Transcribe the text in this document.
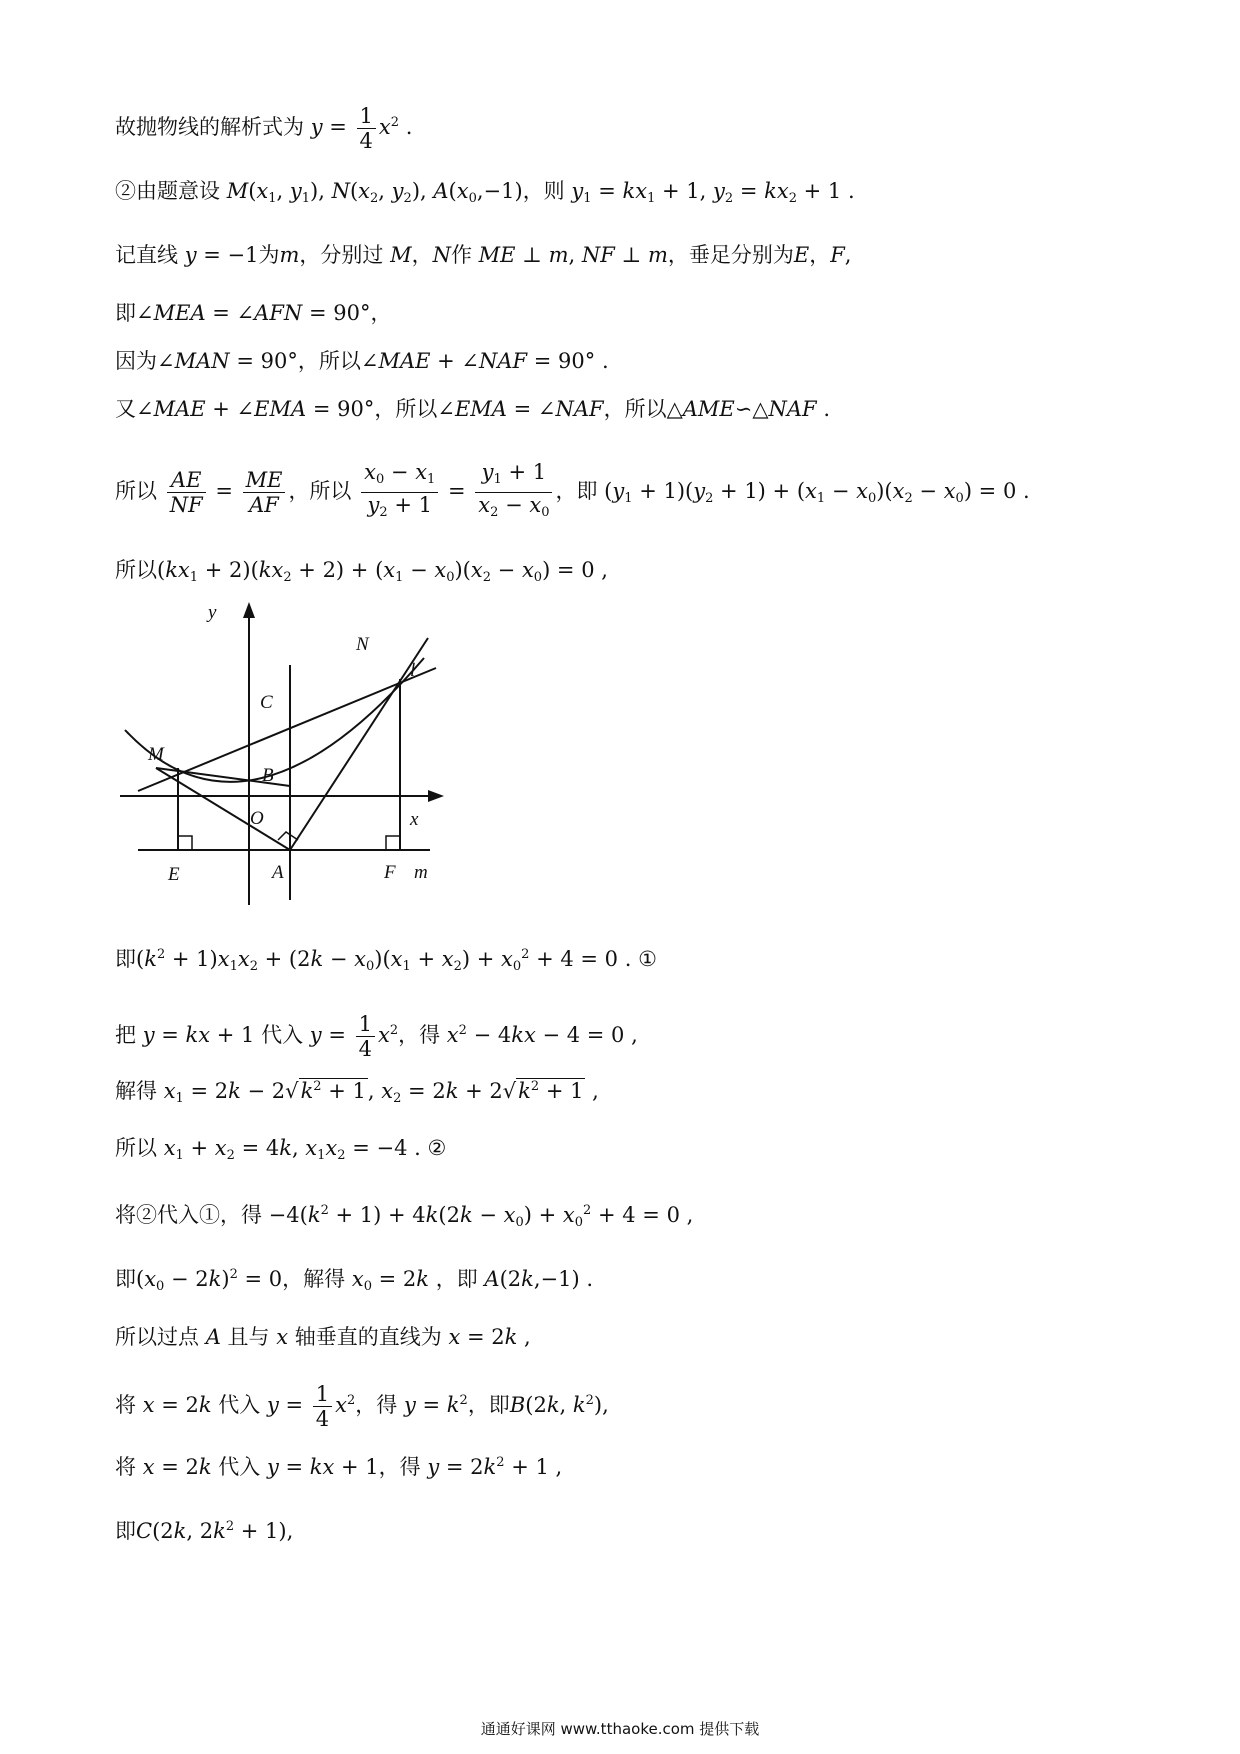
故抛物线的解析式为 $y = \frac{1}{4} x^2$ .
②由题意设 $M(x_1$, $y_1$), $N(x_2$, $y_2$), $A(x_0,-1)$，则 $y_1 = kx_1 + 1$, $y_2 = kx_2 + 1$ .
记直线 y = −1为m，分别过 M，N作 ME ⊥ m, NF ⊥ m，垂足分别为E，F,
即∠MEA = ∠AFN = 90°，
因为∠MAN = 90°，所以∠MAE + ∠NAF = 90° .
又∠MAE + ∠EMA = 90°，所以∠EMA = ∠NAF，所以△AME∽△NAF .
所以 $\frac{AE}{NF} = \frac{ME}{AF}$ ，所以 $\frac{x_0 - x_1}{y_2 + 1} = \frac{y_1 + 1}{x_2 - x_0}$ ，即 $(y_1 + 1)(y_2 + 1) + (x_1 - x_0)(x_2 - x_0) = 0$ .
所以$(kx_1 + 2)(kx_2 + 2) + (x_1 - x_0)(x_2 - x_0) = 0$ ,
y
x
N
l
C
M
B
O
E	A	F m
即$(k^2 + 1)x_1x_2 + (2k - x_0)(x_1 + x_2) + x_0^2 + 4 = 0$ . ①
把 y = kx + 1 代入 $y = \frac{1}{4} x^2$，得 $x^2 - 4kx - 4 = 0$ ,
解得 $x_1 = 2k - 2√k^2 + 1$, $x_2 = 2k + 2√k^2 + 1$ ,
所以 $x_1 + x_2 = 4k$, $x_1x_2 = -4$ . ②
将②代入①，得 $-4(k^2 + 1) + 4k(2k - x_0) + x_0^2 + 4 = 0$ ,
即$(x_0 - 2k)^2 = 0$，解得 $x_0 = 2k$ ，即 A(2k,−1) .
所以过点 A 且与 x 轴垂直的直线为 x = 2k ,
将 x = 2k 代入 $y = \frac{1}{4} x^2$，得 $y = k^2$，即B(2k, $k^2$),
将 x = 2k 代入 y = kx + 1，得 $y = 2k^2 + 1$ ,
即C(2k, $2k^2 + 1$),
通通好课网 www.tthaoke.com 提供下载
